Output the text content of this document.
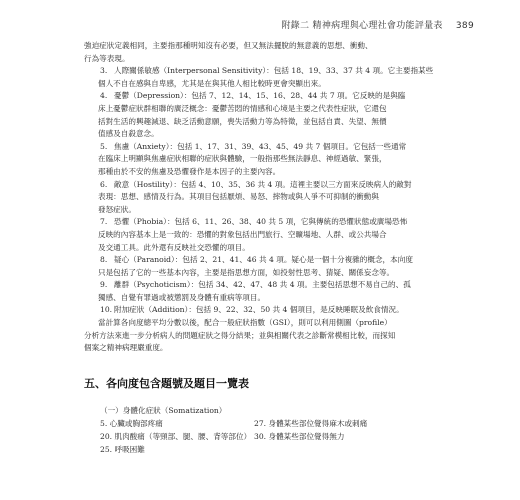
附錄二 精神病理與心理社會功能評量表 389

強迫症狀定義相同，主要指那種明知沒有必要，但又無法擺脫的無意義的思想、衝動、

行為等表現。

3. 人際關係敏感（Interpersonal Sensitivity）：包括 18、19、33、37 共 4 項。它主要指某些

個人不自在感與自卑感，尤其是在與其他人相比較時更會突顯出來。

4. 憂鬱（Depression）：包括 7、12、14、15、16、28、44 共 7 項。它反映的是與臨

床上憂鬱症狀群相聯的廣泛概念：憂鬱苦悶的情感和心境是主要之代表性症狀，它還包

括對生活的興趣減退、缺乏活動意願，喪失活動力等為特徵，並包括自責、失望、無價

值感及自殺意念。

5. 焦慮（Anxiety）：包括 1、17、31、39、43、45、49 共 7 個項目。它包括一些通常

在臨床上明顯與焦慮症狀相聯的症狀與體驗，一般指那些無法靜息、神經過敏、緊張，

那種由於不安的焦慮及恐懼發作是本因子的主要內容。

6. 敵意（Hostility）：包括 4、10、35、36 共 4 項。這裡主要以三方面來反映病人的敵對

表現：思想、感情及行為。其項目包括厭煩、易怒、摔物或與人爭不可抑制的衝動與

發怒症狀。

7. 恐懼（Phobia）：包括 6、11、26、38、40 共 5 項，它與傳統的恐懼狀態或廣場恐怖

反映的內容基本上是一致的：恐懼的對象包括出門旅行、空曠場地、人群、或公共場合

及交通工具。此外還有反映社交恐懼的項目。

8. 疑心（Paranoid）：包括 2、21、41、46 共 4 項。疑心是一個十分複雜的概念，本向度

只是包括了它的一些基本內容，主要是指思想方面，如投射性思考、猜疑、關係妄念等。

9. 離群（Psychoticism）：包括 34、42、47、48 共 4 項。主要包括思想不易自己的、孤

獨感、自覺有罪過或被懲罰及身體有重病等項目。

10. 附加症狀（Addition）：包括 9、22、32、50 共 4 個項目，是反映睡眠及飲食情況。

當計算各向度總平均分數以後，配合一般症狀指數（GSI），則可以利用側圖（profile）

分析方法來進一步分析病人的問題症狀之得分結果；並與相關代表之診斷常模相比較，而探知

個案之精神病理嚴重度。

五、各向度包含題號及題目一覽表
（一）身體化症狀（Somatization）
5. 心臟或胸部疼痛
20. 肌肉酸痛（等頸部、腿、腰、背等部位）
25. 呼吸困難
27. 身體某些部位覺得麻木或刺痛
30. 身體某些部位覺得無力
